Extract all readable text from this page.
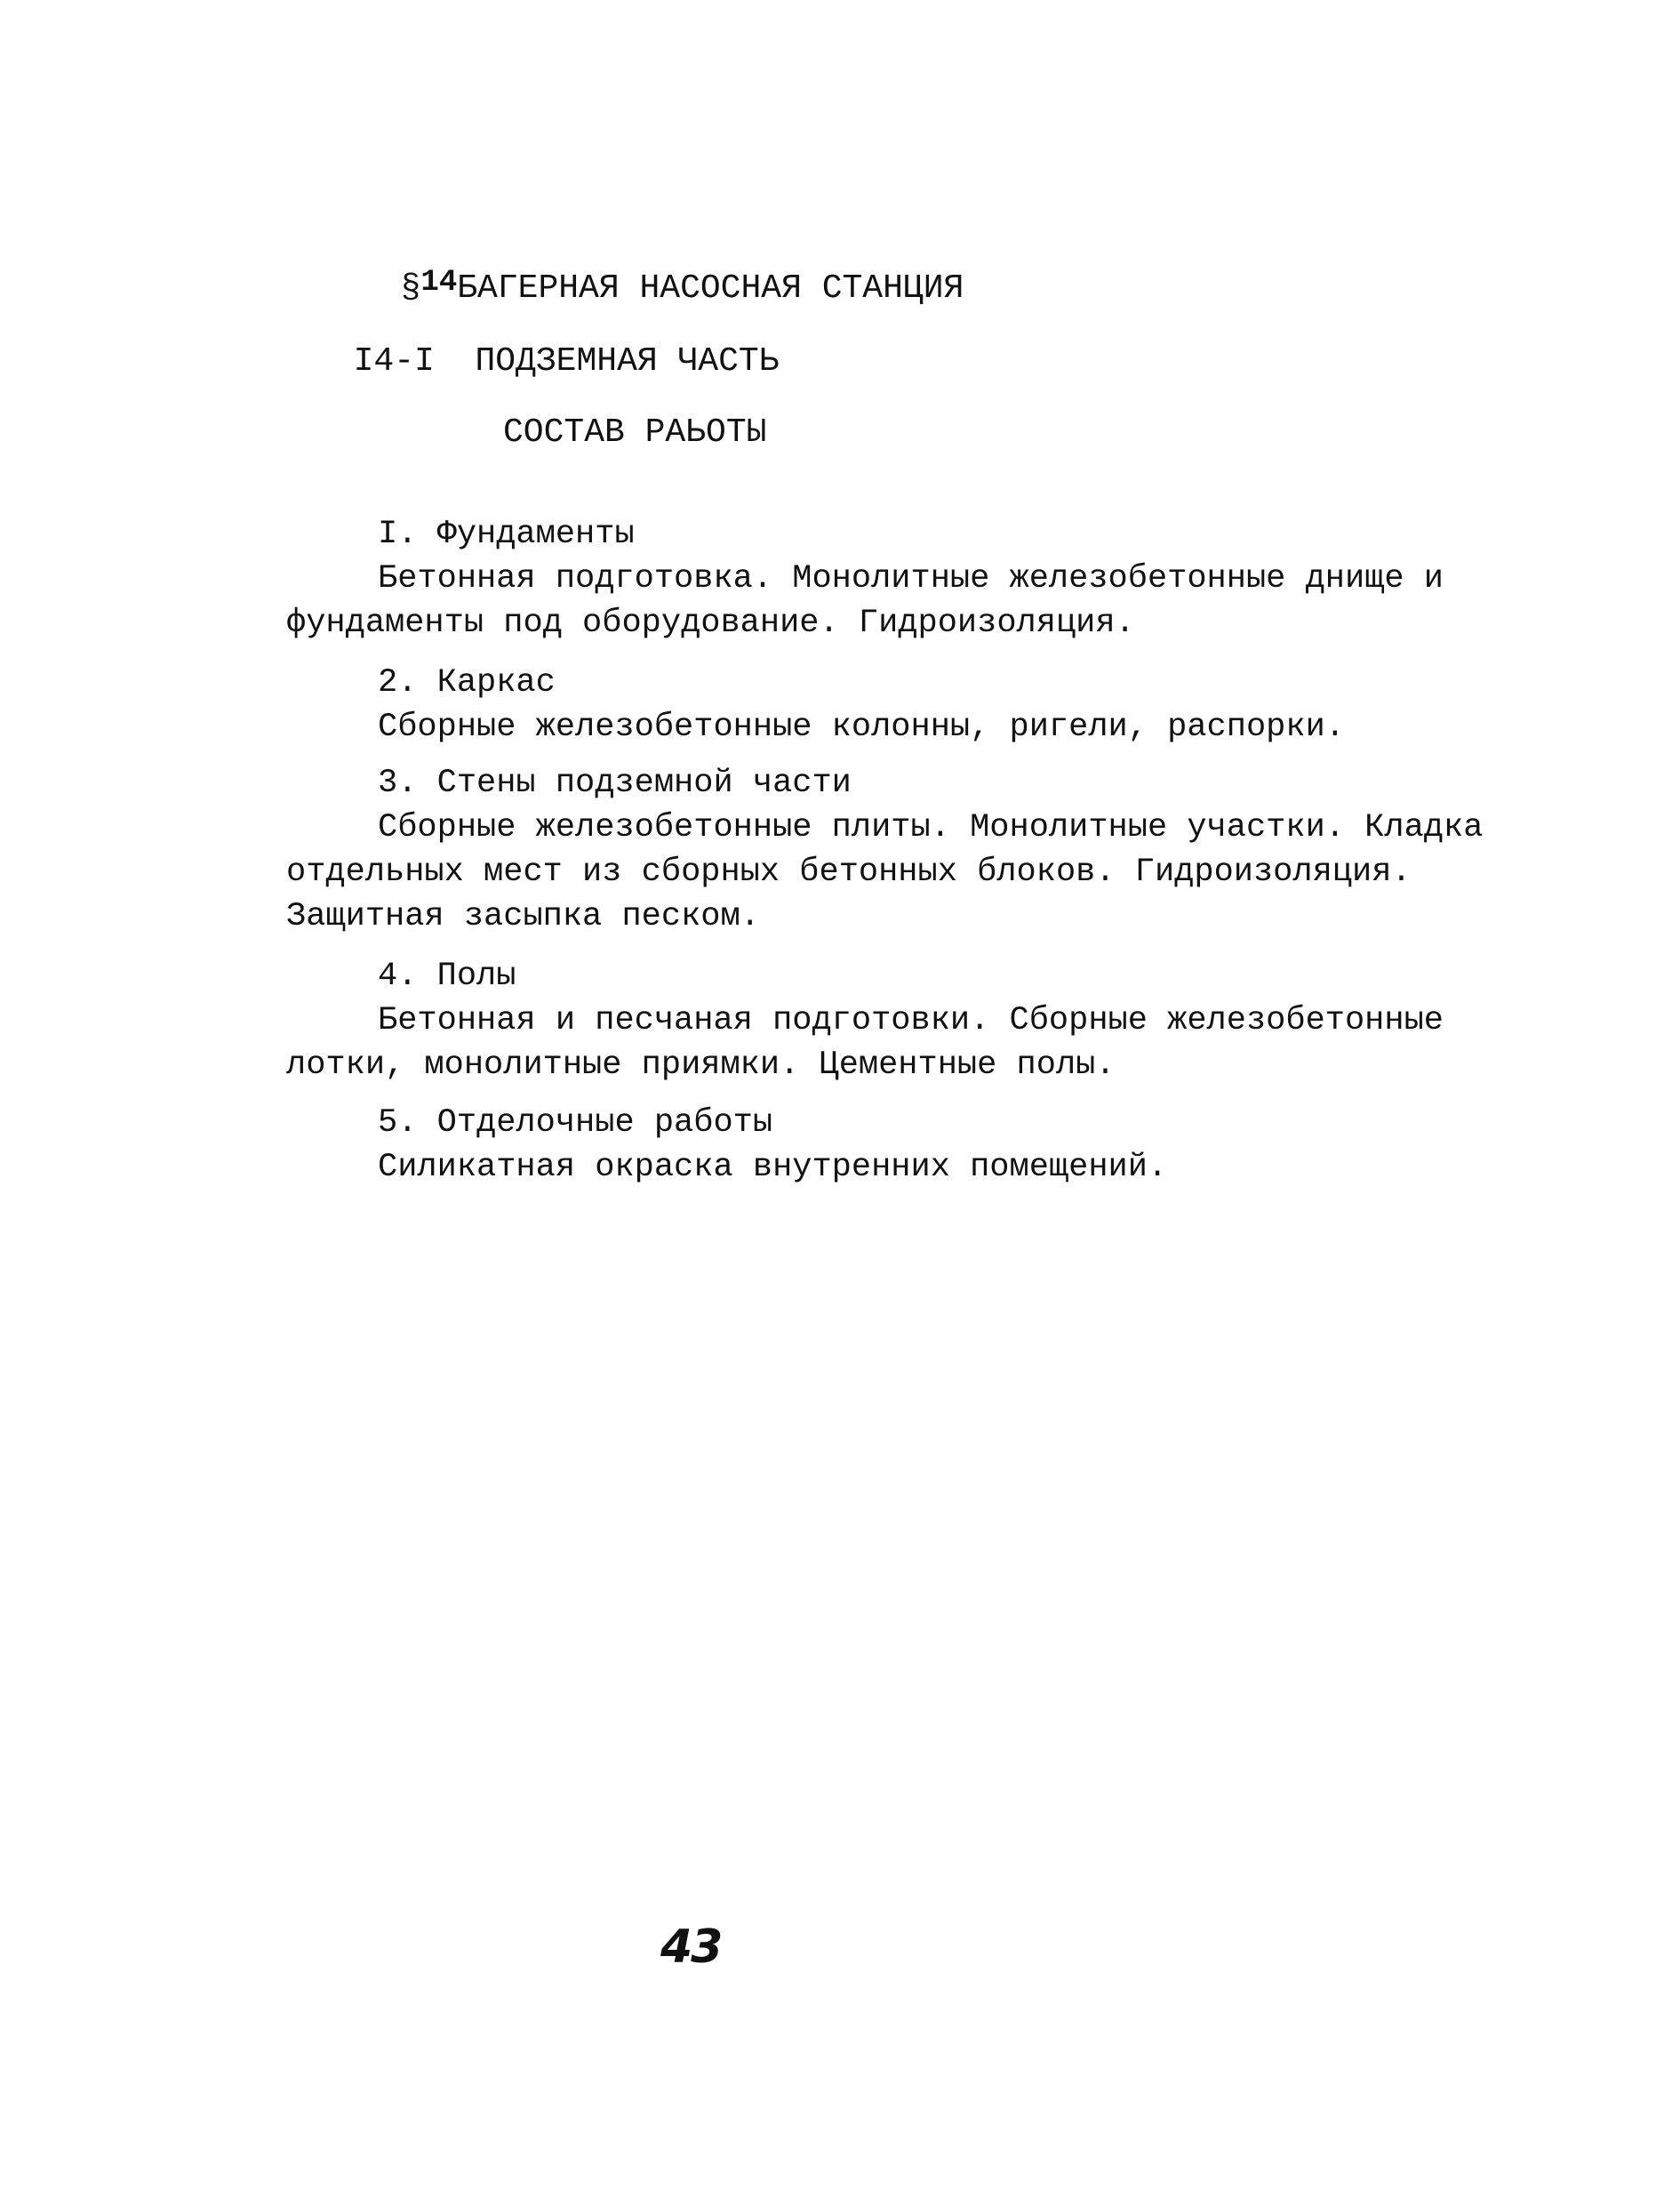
§14БАГЕРНАЯ НАСОСНАЯ СТАНЦИЯ

I4-I ПОДЗЕМНАЯ ЧАСТЬ

СОСТАВ РАЬОТЫ
I. Фундаменты
Бетонная подготовка. Монолитные железобетонные днище и
фундаменты под оборудование. Гидроизоляция.
2. Каркас
Сборные железобетонные колонны, ригели, распорки.
3. Стены подземной части
Сборные железобетонные плиты. Монолитные участки. Кладка
отдельных мест из сборных бетонных блоков. Гидроизоляция.
Защитная засыпка песком.
4. Полы
Бетонная и песчаная подготовки. Сборные железобетонные
лотки, монолитные приямки. Цементные полы.
5. Отделочные работы
Силикатная окраска внутренних помещений.
43
